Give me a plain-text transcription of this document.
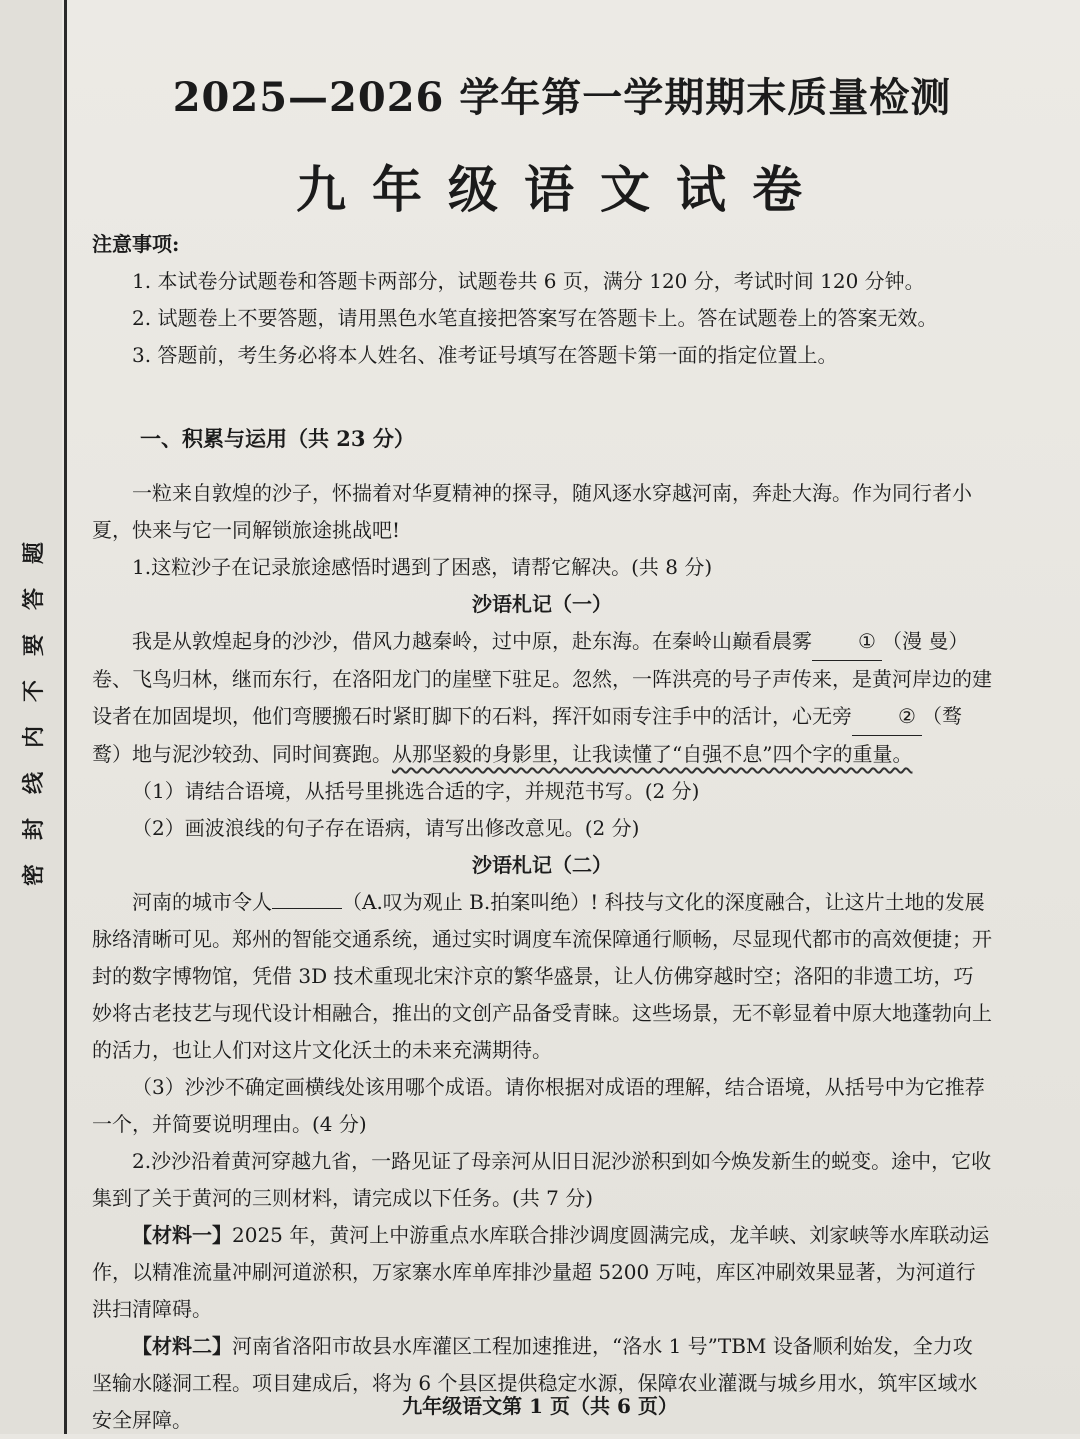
题
答
要
不
内
线
封
密
2025—2026 学年第一学期期末质量检测
九年级语文试卷
注意事项:

1. 本试卷分试题卷和答题卡两部分，试题卷共 6 页，满分 120 分，考试时间 120 分钟。

2. 试题卷上不要答题，请用黑色水笔直接把答案写在答题卡上。答在试题卷上的答案无效。

3. 答题前，考生务必将本人姓名、准考证号填写在答题卡第一面的指定位置上。

一、积累与运用（共 23 分）

一粒来自敦煌的沙子，怀揣着对华夏精神的探寻，随风逐水穿越河南，奔赴大海。作为同行者小夏，快来与它一同解锁旅途挑战吧!

1.这粒沙子在记录旅途感悟时遇到了困惑，请帮它解决。(共 8 分)

沙语札记（一）

我是从敦煌起身的沙沙，借风力越秦岭，过中原，赴东海。在秦岭山巅看晨雾 ① （漫 曼）卷、飞鸟归林，继而东行，在洛阳龙门的崖壁下驻足。忽然，一阵洪亮的号子声传来，是黄河岸边的建设者在加固堤坝，他们弯腰搬石时紧盯脚下的石料，挥汗如雨专注手中的活计，心无旁 ② （骛　鹜）地与泥沙较劲、同时间赛跑。从那坚毅的身影里，让我读懂了“自强不息”四个字的重量。

（1）请结合语境，从括号里挑选合适的字，并规范书写。(2 分)

（2）画波浪线的句子存在语病，请写出修改意见。(2 分)

沙语札记（二）

河南的城市令人	（A.叹为观止 B.拍案叫绝）! 科技与文化的深度融合，让这片土地的发展脉络清晰可见。郑州的智能交通系统，通过实时调度车流保障通行顺畅，尽显现代都市的高效便捷；开封的数字博物馆，凭借 3D 技术重现北宋汴京的繁华盛景，让人仿佛穿越时空；洛阳的非遗工坊，巧妙将古老技艺与现代设计相融合，推出的文创产品备受青睐。这些场景，无不彰显着中原大地蓬勃向上的活力，也让人们对这片文化沃土的未来充满期待。

（3）沙沙不确定画横线处该用哪个成语。请你根据对成语的理解，结合语境，从括号中为它推荐一个，并简要说明理由。(4 分)

2.沙沙沿着黄河穿越九省，一路见证了母亲河从旧日泥沙淤积到如今焕发新生的蜕变。途中，它收集到了关于黄河的三则材料，请完成以下任务。(共 7 分)

【材料一】2025 年，黄河上中游重点水库联合排沙调度圆满完成，龙羊峡、刘家峡等水库联动运作，以精准流量冲刷河道淤积，万家寨水库单库排沙量超 5200 万吨，库区冲刷效果显著，为河道行洪扫清障碍。

【材料二】河南省洛阳市故县水库灌区工程加速推进，“洛水 1 号”TBM 设备顺利始发，全力攻坚输水隧洞工程。项目建成后，将为 6 个县区提供稳定水源，保障农业灌溉与城乡用水，筑牢区域水安全屏障。

九年级语文第 1 页（共 6 页）
